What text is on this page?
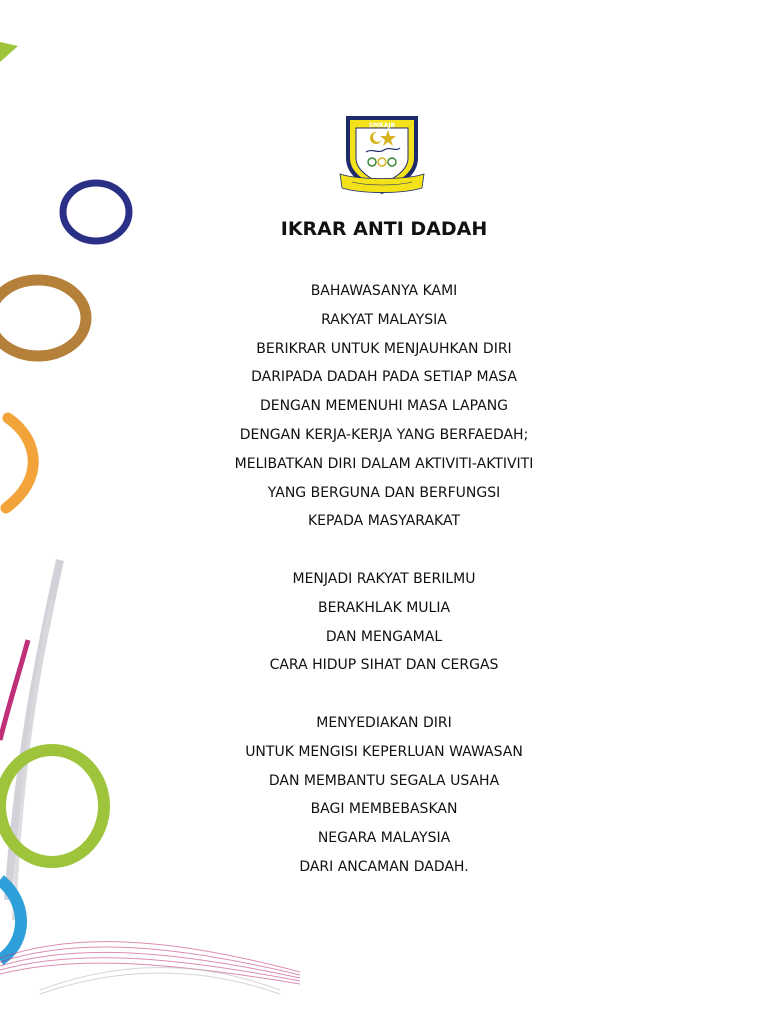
SMKAJB
IKRAR ANTI DADAH
BAHAWASANYA KAMI
RAKYAT MALAYSIA
BERIKRAR UNTUK MENJAUHKAN DIRI
DARIPADA DADAH PADA SETIAP MASA
DENGAN MEMENUHI MASA LAPANG
DENGAN KERJA-KERJA YANG BERFAEDAH;
MELIBATKAN DIRI DALAM AKTIVITI-AKTIVITI
YANG BERGUNA DAN BERFUNGSI
KEPADA MASYARAKAT
MENJADI RAKYAT BERILMU
BERAKHLAK MULIA
DAN MENGAMAL
CARA HIDUP SIHAT DAN CERGAS
MENYEDIAKAN DIRI
UNTUK MENGISI KEPERLUAN WAWASAN
DAN MEMBANTU SEGALA USAHA
BAGI MEMBEBASKAN
NEGARA MALAYSIA
DARI ANCAMAN DADAH.
